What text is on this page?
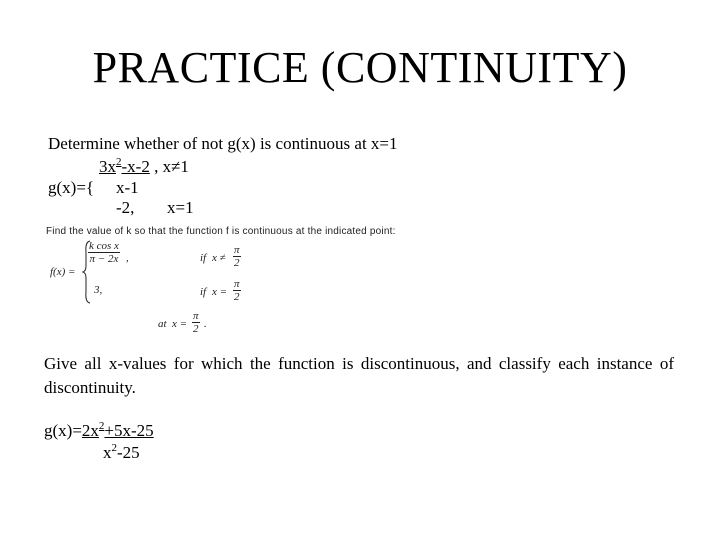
PRACTICE (CONTINUITY)
Determine whether of not g(x) is continuous at x=1
$3x^2-x-2$ , x≠1
g(x)={ x-1
-2, x=1
Find the value of k so that the function f is continuous at the indicated point:
$\frac{\text{k cos x}}{\pi - 2x}$ ,
f(x) =
if $x \ne \frac{\pi}{2}$
3,	if $x = \frac{\pi}{2}$
at $x = \frac{\pi}{2}$ .
Give all x-values for which the function is discontinuous, and classify each instance of discontinuity.
$g(x)=2x^2+5x-25$
$x^2-25$
